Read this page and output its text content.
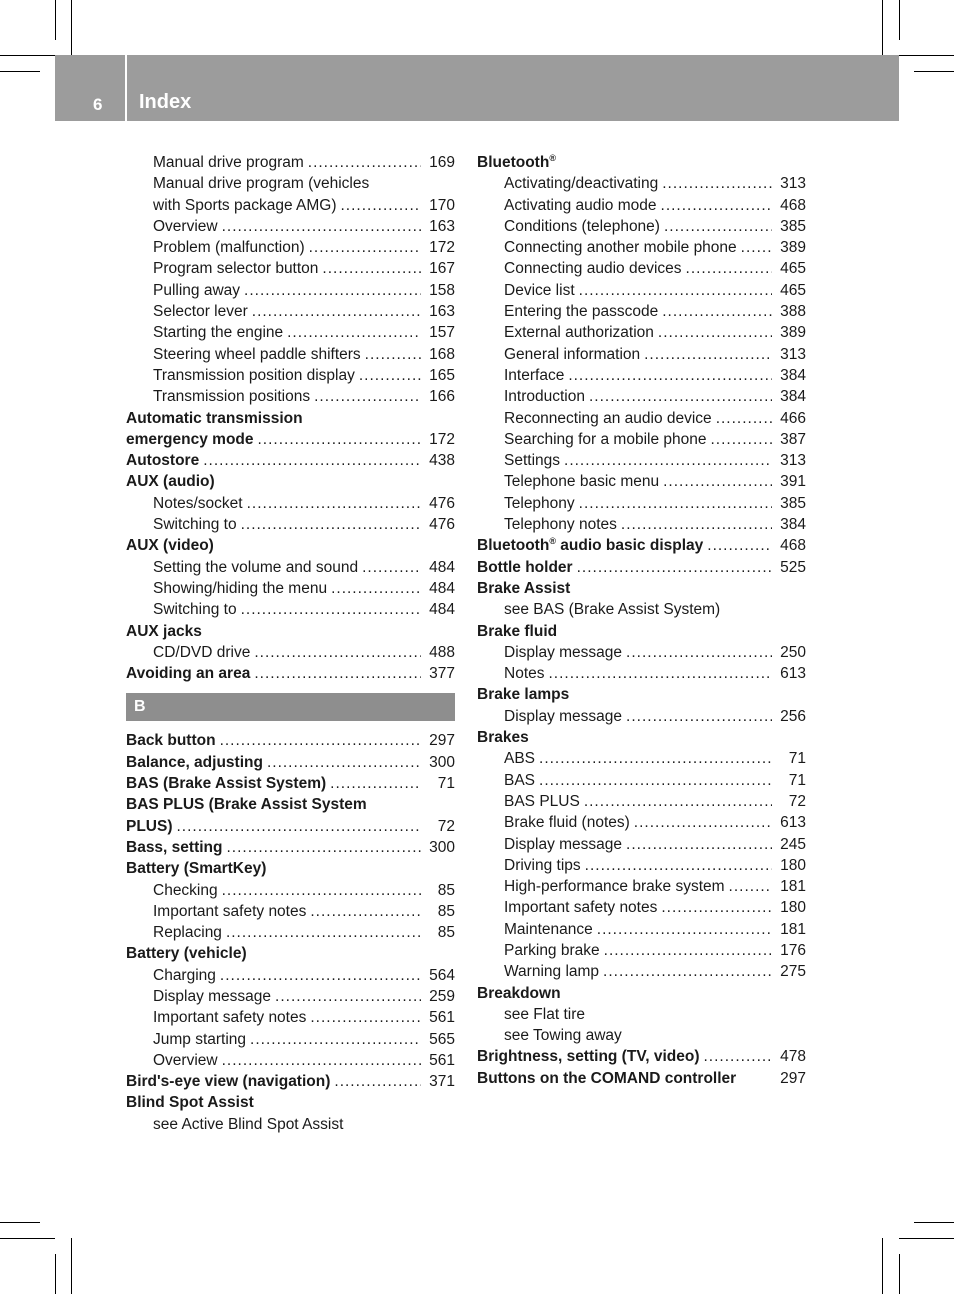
6 Index
Manual drive program .....	169
Manual drive program (vehicles
with Sports package AMG) .....	170
Overview .....	163
Problem (malfunction) .....	172
Program selector button .....	167
Pulling away .....	158
Selector lever .....	163
Starting the engine .....	157
Steering wheel paddle shifters .....	168
Transmission position display .....	165
Transmission positions .....	166
Automatic transmission
emergency mode .....	172
Autostore .....	438
AUX (audio)
Notes/socket .....	476
Switching to .....	476
AUX (video)
Setting the volume and sound .....	484
Showing/hiding the menu .....	484
Switching to .....	484
AUX jacks
CD/DVD drive .....	488
Avoiding an area .....	377
B
Back button .....	297
Balance, adjusting .....	300
BAS (Brake Assist System) .....	71
BAS PLUS (Brake Assist System
PLUS) .....	72
Bass, setting .....	300
Battery (SmartKey)
Checking .....	85
Important safety notes .....	85
Replacing .....	85
Battery (vehicle)
Charging .....	564
Display message .....	259
Important safety notes .....	561
Jump starting .....	565
Overview .....	561
Bird's-eye view (navigation) .....	371
Blind Spot Assist
see Active Blind Spot Assist
Bluetooth®
Activating/deactivating .....	313
Activating audio mode .....	468
Conditions (telephone) .....	385
Connecting another mobile phone .....	389
Connecting audio devices .....	465
Device list .....	465
Entering the passcode .....	388
External authorization .....	389
General information .....	313
Interface .....	384
Introduction .....	384
Reconnecting an audio device .....	466
Searching for a mobile phone .....	387
Settings .....	313
Telephone basic menu .....	391
Telephony .....	385
Telephony notes .....	384
Bluetooth® audio basic display .....	468
Bottle holder .....	525
Brake Assist
see BAS (Brake Assist System)
Brake fluid
Display message .....	250
Notes .....	613
Brake lamps
Display message .....	256
Brakes
ABS .....	71
BAS .....	71
BAS PLUS .....	72
Brake fluid (notes) .....	613
Display message .....	245
Driving tips .....	180
High-performance brake system .....	181
Important safety notes .....	180
Maintenance .....	181
Parking brake .....	176
Warning lamp .....	275
Breakdown
see Flat tire
see Towing away
Brightness, setting (TV, video) .....	478
Buttons on the COMAND controller	297
